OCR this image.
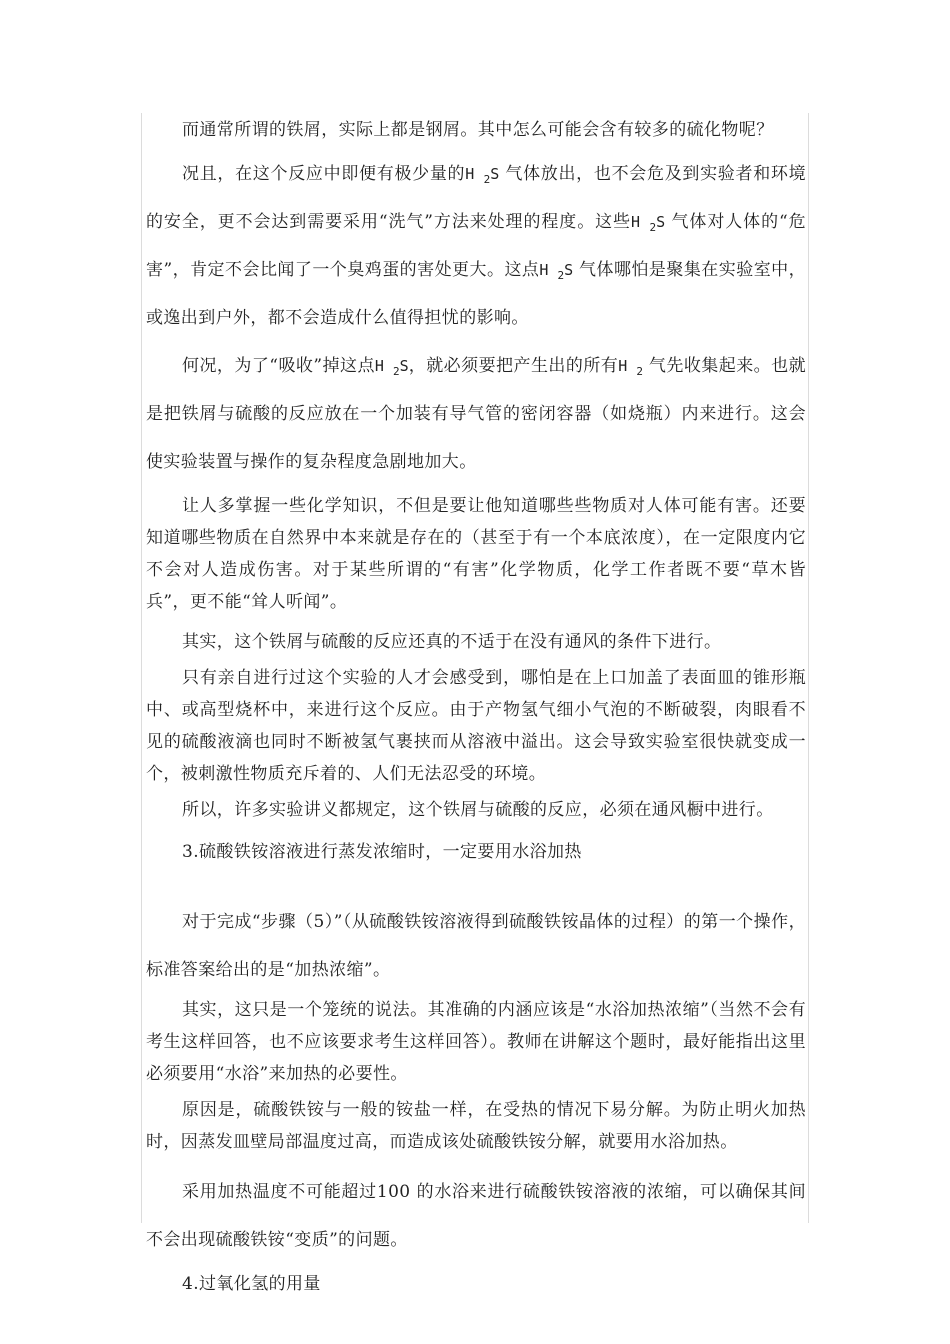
而通常所谓的铁屑，实际上都是钢屑。其中怎么可能会含有较多的硫化物呢？

况且，在这个反应中即便有极少量的H $_2$S 气体放出，也不会危及到实验者和环境的安全，更不会达到需要采用“洗气”方法来处理的程度。这些H $_2$S 气体对人体的“危害”，肯定不会比闻了一个臭鸡蛋的害处更大。这点H $_2$S 气体哪怕是聚集在实验室中，或逸出到户外，都不会造成什么值得担忧的影响。

何况，为了“吸收”掉这点H $_2$S，就必须要把产生出的所有H $_2$ 气先收集起来。也就是把铁屑与硫酸的反应放在一个加装有导气管的密闭容器（如烧瓶）内来进行。这会使实验装置与操作的复杂程度急剧地加大。

让人多掌握一些化学知识，不但是要让他知道哪些些物质对人体可能有害。还要知道哪些物质在自然界中本来就是存在的（甚至于有一个本底浓度），在一定限度内它不会对人造成伤害。对于某些所谓的“有害”化学物质，化学工作者既不要“草木皆兵”，更不能“耸人听闻”。

其实，这个铁屑与硫酸的反应还真的不适于在没有通风的条件下进行。

只有亲自进行过这个实验的人才会感受到，哪怕是在上口加盖了表面皿的锥形瓶中、或高型烧杯中，来进行这个反应。由于产物氢气细小气泡的不断破裂，肉眼看不见的硫酸液滴也同时不断被氢气裹挟而从溶液中溢出。这会导致实验室很快就变成一个，被刺激性物质充斥着的、人们无法忍受的环境。

所以，许多实验讲义都规定，这个铁屑与硫酸的反应，必须在通风橱中进行。

3.硫酸铁铵溶液进行蒸发浓缩时，一定要用水浴加热

对于完成“步骤（5）”（从硫酸铁铵溶液得到硫酸铁铵晶体的过程）的第一个操作，标准答案给出的是“加热浓缩”。

其实，这只是一个笼统的说法。其准确的内涵应该是“水浴加热浓缩”（当然不会有考生这样回答，也不应该要求考生这样回答）。教师在讲解这个题时，最好能指出这里必须要用“水浴”来加热的必要性。

原因是，硫酸铁铵与一般的铵盐一样，在受热的情况下易分解。为防止明火加热时，因蒸发皿壁局部温度过高，而造成该处硫酸铁铵分解，就要用水浴加热。

采用加热温度不可能超过100 的水浴来进行硫酸铁铵溶液的浓缩，可以确保其间不会出现硫酸铁铵“变质”的问题。

4.过氧化氢的用量
